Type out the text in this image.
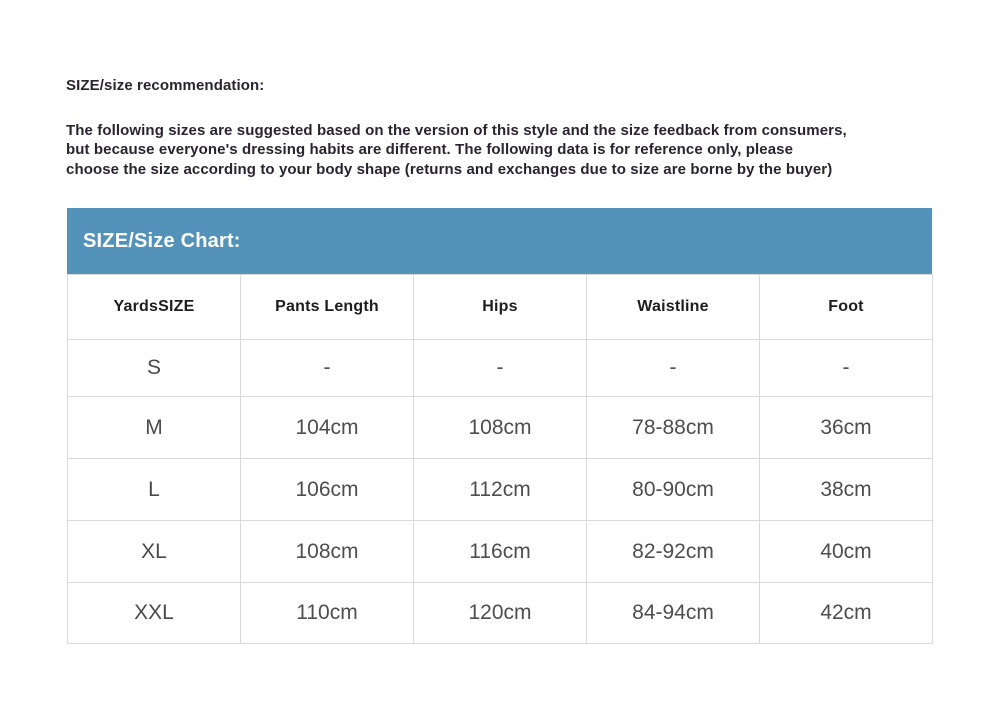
SIZE/size recommendation:
The following sizes are suggested based on the version of this style and the size feedback from consumers,
but because everyone's dressing habits are different. The following data is for reference only, please
choose the size according to your body shape (returns and exchanges due to size are borne by the buyer)
SIZE/Size Chart:
YardsSIZE	Pants Length	Hips	Waistline	Foot
S	-	-	-	-
M	104cm	108cm	78-88cm	36cm
L	106cm	112cm	80-90cm	38cm
XL	108cm	116cm	82-92cm	40cm
XXL	110cm	120cm	84-94cm	42cm
